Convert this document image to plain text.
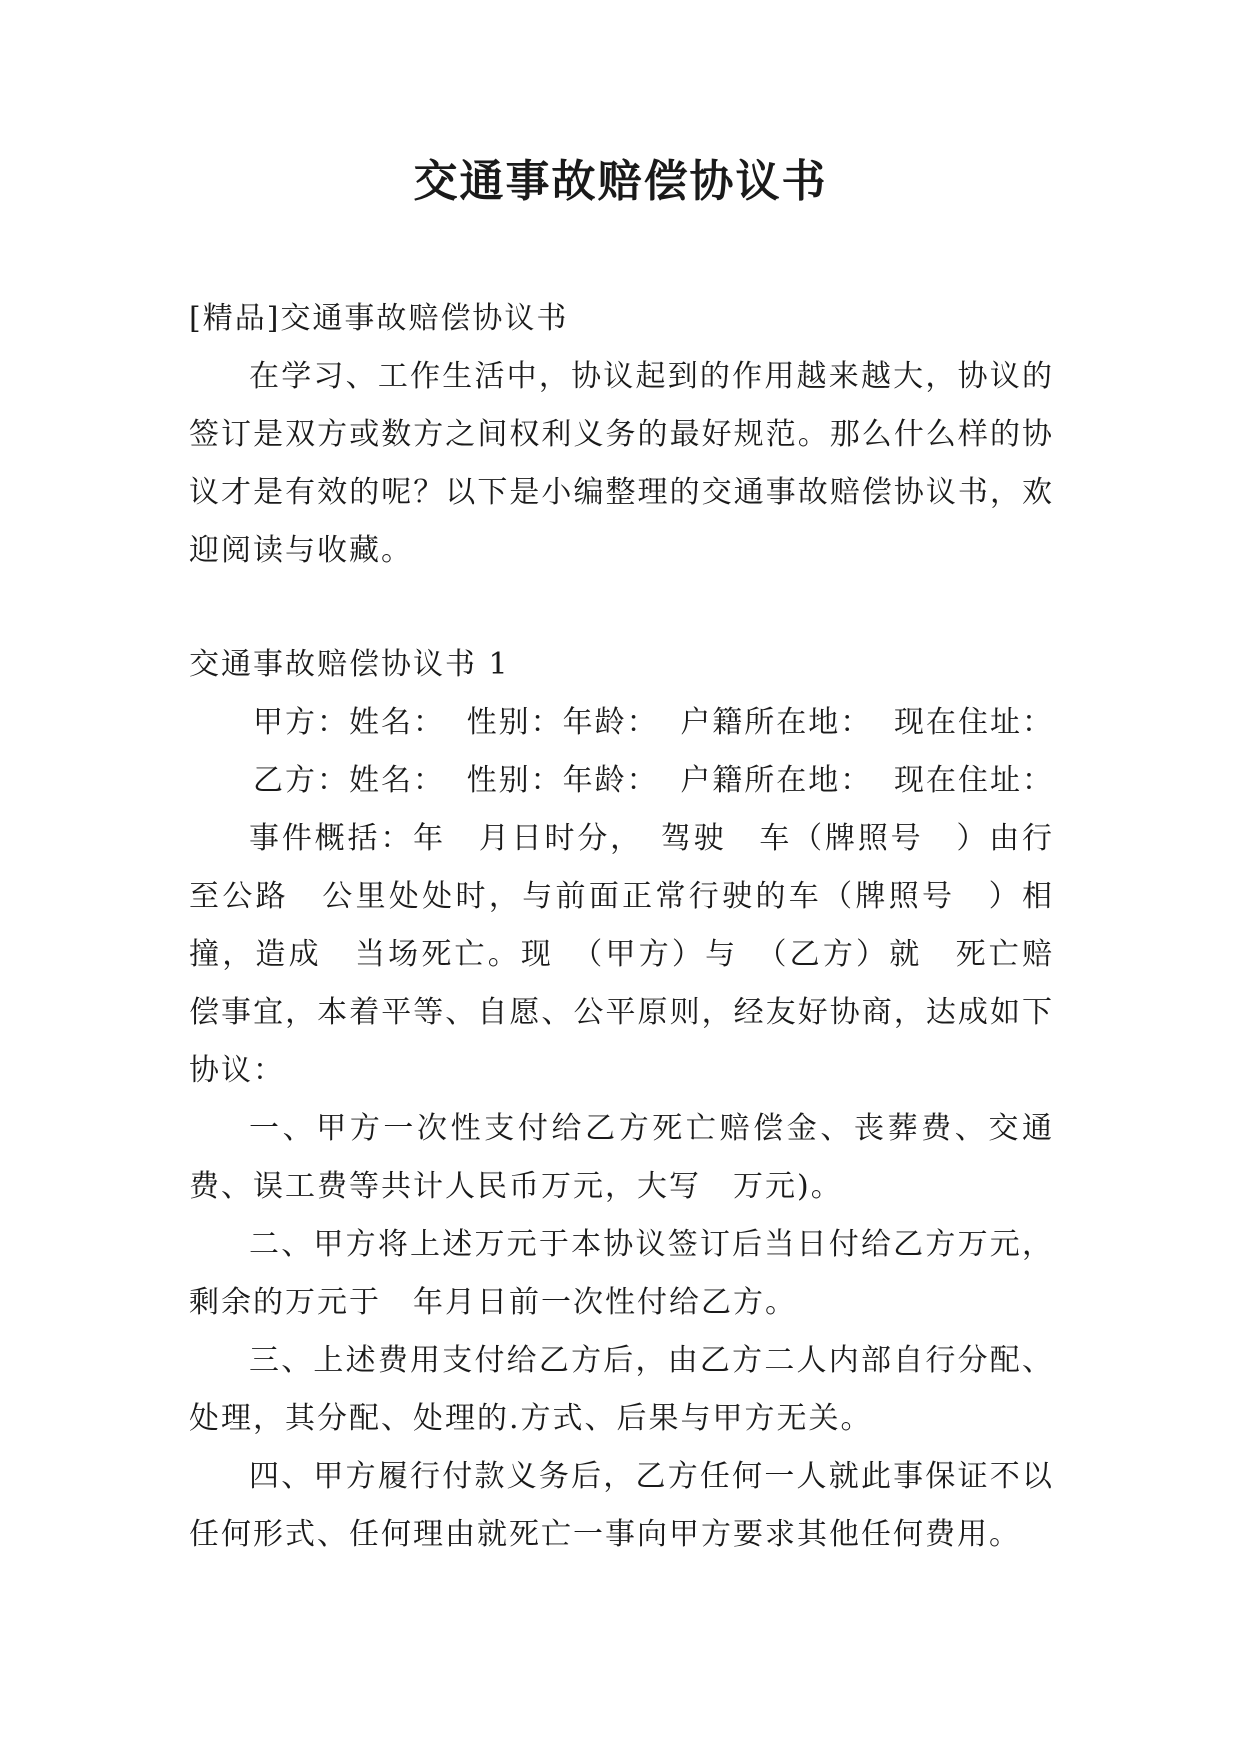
交通事故赔偿协议书

[精品]交通事故赔偿协议书

在学习、工作生活中，协议起到的作用越来越大，协议的签订是双方或数方之间权利义务的最好规范。那么什么样的协议才是有效的呢？以下是小编整理的交通事故赔偿协议书，欢迎阅读与收藏。

交通事故赔偿协议书 1

甲方：姓名： 性别：年龄： 户籍所在地： 现在住址：

乙方：姓名： 性别：年龄： 户籍所在地： 现在住址：

事件概括：年　月日时分，　驾驶　车（牌照号　）由行至公路　公里处处时，与前面正常行驶的车（牌照号　）相撞，造成　当场死亡。现　（甲方）与　（乙方）就　死亡赔偿事宜，本着平等、自愿、公平原则，经友好协商，达成如下协议：

一、甲方一次性支付给乙方死亡赔偿金、丧葬费、交通费、误工费等共计人民币万元，大写　万元)。

二、甲方将上述万元于本协议签订后当日付给乙方万元，剩余的万元于　年月日前一次性付给乙方。

三、上述费用支付给乙方后，由乙方二人内部自行分配、处理，其分配、处理的.方式、后果与甲方无关。

四、甲方履行付款义务后，乙方任何一人就此事保证不以任何形式、任何理由就死亡一事向甲方要求其他任何费用。
